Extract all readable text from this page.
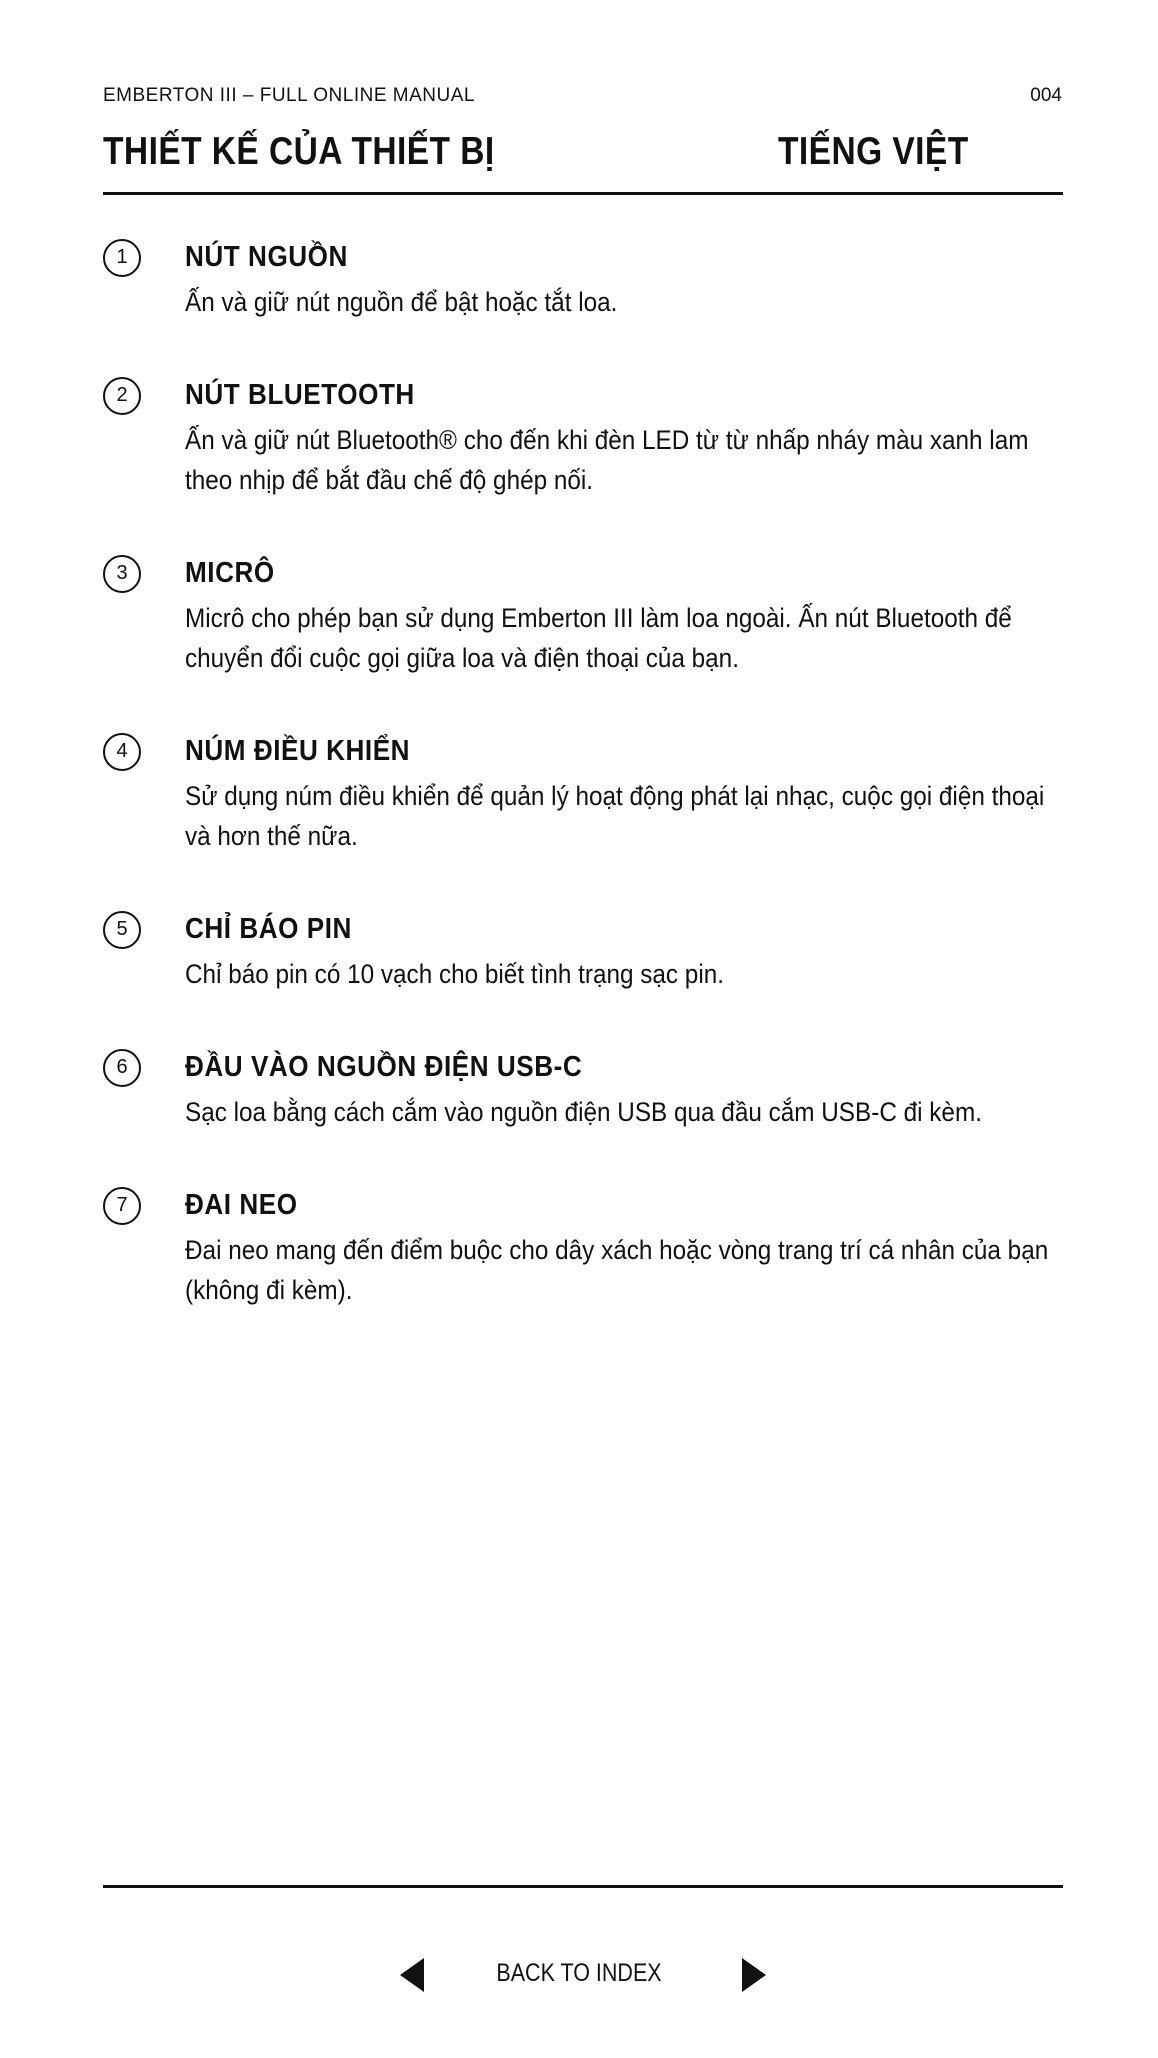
EMBERTON III – FULL ONLINE MANUAL	004
THIẾT KẾ CỦA THIẾT BỊ	TIẾNG VIỆT
1	NÚT NGUỒN
Ấn và giữ nút nguồn để bật hoặc tắt loa.
2	NÚT BLUETOOTH
Ấn và giữ nút Bluetooth® cho đến khi đèn LED từ từ nhấp nháy màu xanh lam theo nhịp để bắt đầu chế độ ghép nối.
3	MICRÔ
Micrô cho phép bạn sử dụng Emberton III làm loa ngoài. Ấn nút Bluetooth để chuyển đổi cuộc gọi giữa loa và điện thoại của bạn.
4	NÚM ĐIỀU KHIỂN
Sử dụng núm điều khiển để quản lý hoạt động phát lại nhạc, cuộc gọi điện thoại và hơn thế nữa.
5	CHỈ BÁO PIN
Chỉ báo pin có 10 vạch cho biết tình trạng sạc pin.
6	ĐẦU VÀO NGUỒN ĐIỆN USB-C
Sạc loa bằng cách cắm vào nguồn điện USB qua đầu cắm USB-C đi kèm.
7	ĐAI NEO
Đai neo mang đến điểm buộc cho dây xách hoặc vòng trang trí cá nhân của bạn (không đi kèm).
BACK TO INDEX
